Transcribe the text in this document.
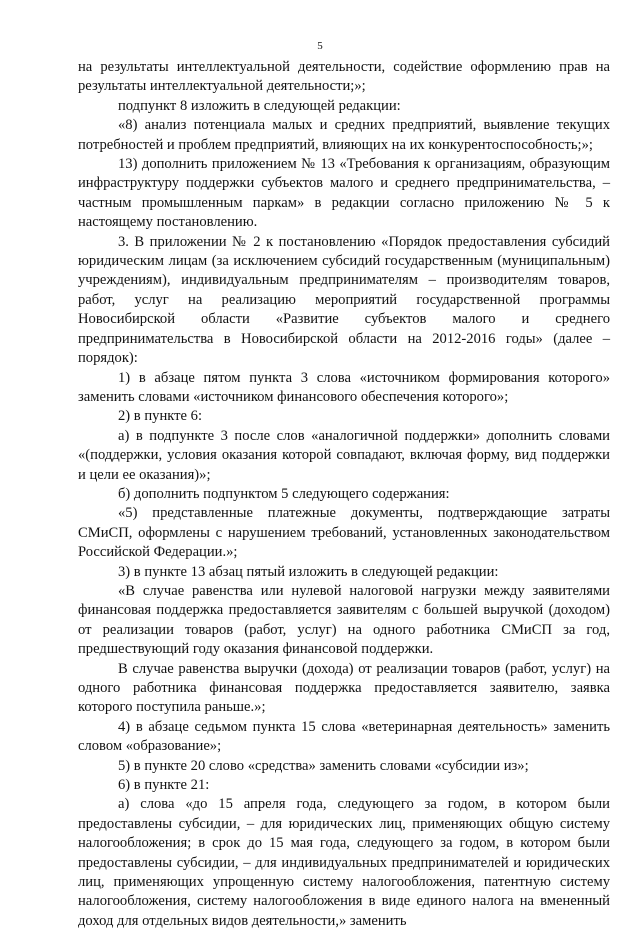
5

на результаты интеллектуальной деятельности, содействие оформлению прав на результаты интеллектуальной деятельности;»;

подпункт 8 изложить в следующей редакции:

«8) анализ потенциала малых и средних предприятий, выявление текущих потребностей и проблем предприятий, влияющих на их конкурентоспособность;»;

13) дополнить приложением № 13 «Требования к организациям, образующим инфраструктуру поддержки субъектов малого и среднего предпринимательства, – частным промышленным паркам» в редакции согласно приложению № 5 к настоящему постановлению.

3. В приложении № 2 к постановлению «Порядок предоставления субсидий юридическим лицам (за исключением субсидий государственным (муниципальным) учреждениям), индивидуальным предпринимателям – производителям товаров, работ, услуг на реализацию мероприятий государственной программы Новосибирской области «Развитие субъектов малого и среднего предпринимательства в Новосибирской области на 2012-2016 годы» (далее – порядок):

1) в абзаце пятом пункта 3 слова «источником формирования которого» заменить словами «источником финансового обеспечения которого»;

2) в пункте 6:

а) в подпункте 3 после слов «аналогичной поддержки» дополнить словами «(поддержки, условия оказания которой совпадают, включая форму, вид поддержки и цели ее оказания)»;

б) дополнить подпунктом 5 следующего содержания:

«5) представленные платежные документы, подтверждающие затраты СМиСП, оформлены с нарушением требований, установленных законодательством Российской Федерации.»;

3) в пункте 13 абзац пятый изложить в следующей редакции:

«В случае равенства или нулевой налоговой нагрузки между заявителями финансовая поддержка предоставляется заявителям с большей выручкой (доходом) от реализации товаров (работ, услуг) на одного работника СМиСП за год, предшествующий году оказания финансовой поддержки.

В случае равенства выручки (дохода) от реализации товаров (работ, услуг) на одного работника финансовая поддержка предоставляется заявителю, заявка которого поступила раньше.»;

4) в абзаце седьмом пункта 15 слова «ветеринарная деятельность» заменить словом «образование»;

5) в пункте 20 слово «средства» заменить словами «субсидии из»;

6) в пункте 21:

а) слова «до 15 апреля года, следующего за годом, в котором были предоставлены субсидии, – для юридических лиц, применяющих общую систему налогообложения; в срок до 15 мая года, следующего за годом, в котором были предоставлены субсидии, – для индивидуальных предпринимателей и юридических лиц, применяющих упрощенную систему налогообложения, патентную систему налогообложения, систему налогообложения в виде единого налога на вмененный доход для отдельных видов деятельности,» заменить
